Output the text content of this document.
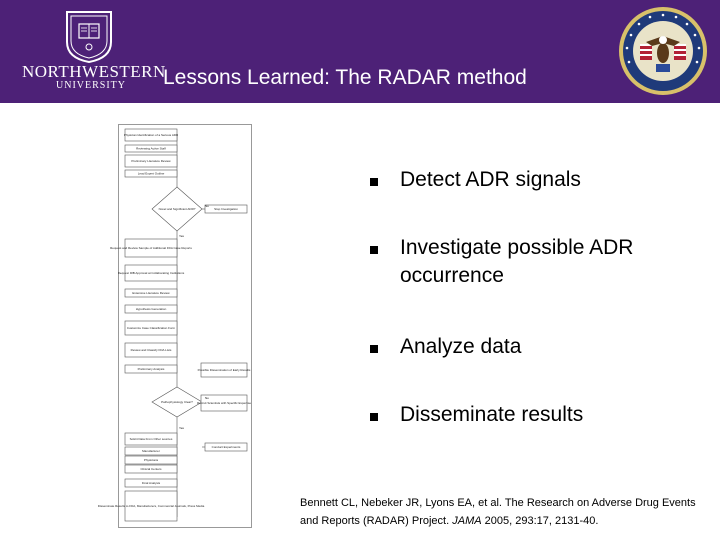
NORTHWESTERN
UNIVERSITY Lessons Learned: The RADAR method
Physician Identification of a Serious ADR
Reviewing Active Staff
Preliminary Literature Review
Lead Expert Outline
Novel and Significant ADR?	Stop Investigation
Request and Review Sample of Additional FDA Case Reports
Request IRB Approval at Collaborating Institutions
Extensive Literature Review
Hypothesis Generation
Customize Case Classification Form
Review and Classify FDA Lists
Preliminary Analysis	Possible Dissemination of Early Results
Pathophysiology Clear? Recruit Scientists with Specific Expertise
Solicit Data From Other sources
Manufacturer
Physicians
Clinical Centers
Conduct Experiments
Final Analysis
Disseminate Results to FDA, Manufacturers, Commercial Journals, Press Media
No
Yes
No
Yes
Detect ADR signals
Investigate possible ADR
occurrence
Analyze data
Disseminate results
Bennett CL, Nebeker JR, Lyons EA, et al. The Research on Adverse Drug Events and Reports (RADAR) Project. JAMA 2005, 293:17, 2131-40.
